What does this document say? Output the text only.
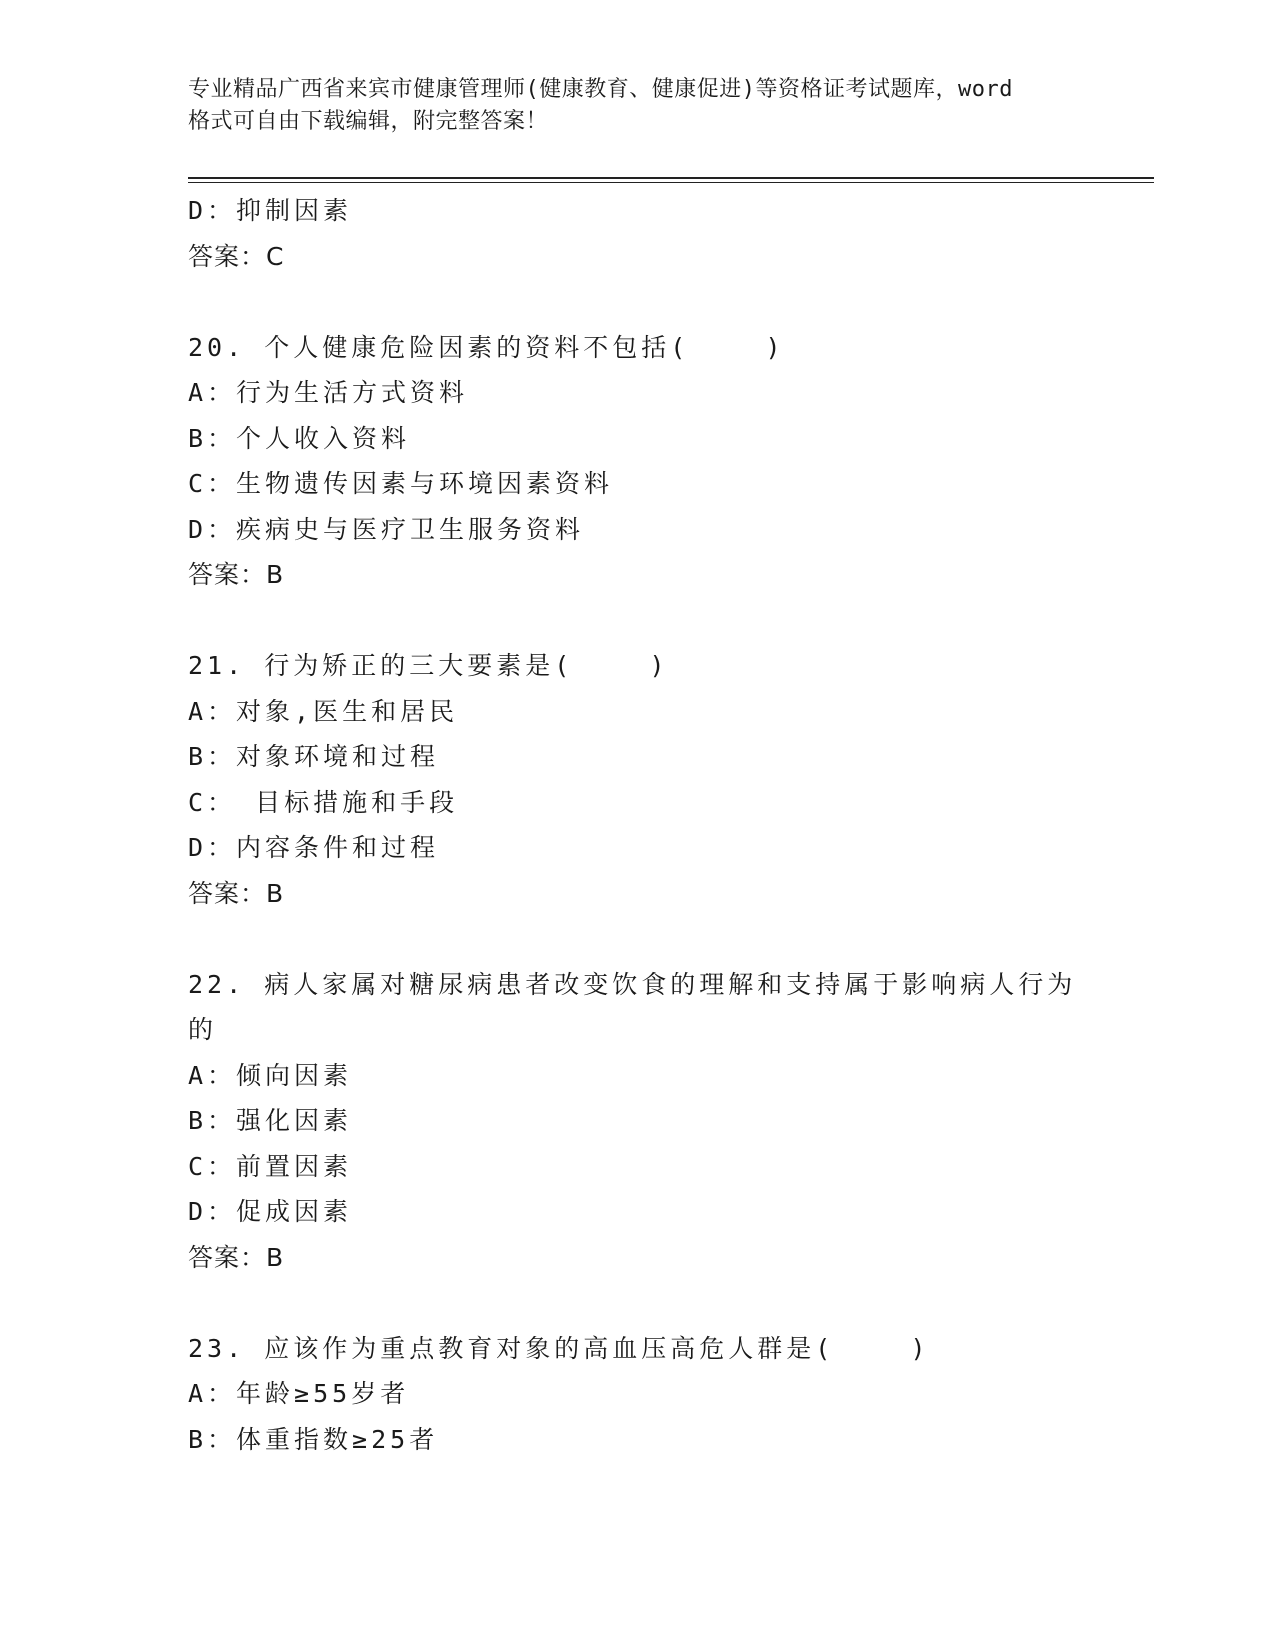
专业精品广西省来宾市健康管理师(健康教育、健康促进)等资格证考试题库，word
格式可自由下载编辑，附完整答案！
D：抑制因素
答案：C
20. 个人健康危险因素的资料不包括(    )
A：行为生活方式资料
B：个人收入资料
C：生物遗传因素与环境因素资料
D：疾病史与医疗卫生服务资料
答案：B
21. 行为矫正的三大要素是(    )
A：对象,医生和居民
B：对象环境和过程
C： 目标措施和手段
D：内容条件和过程
答案：B
22. 病人家属对糖尿病患者改变饮食的理解和支持属于影响病人行为
的
A：倾向因素
B：强化因素
C：前置因素
D：促成因素
答案：B
23. 应该作为重点教育对象的高血压高危人群是(    )
A：年龄≥55岁者
B：体重指数≥25者
